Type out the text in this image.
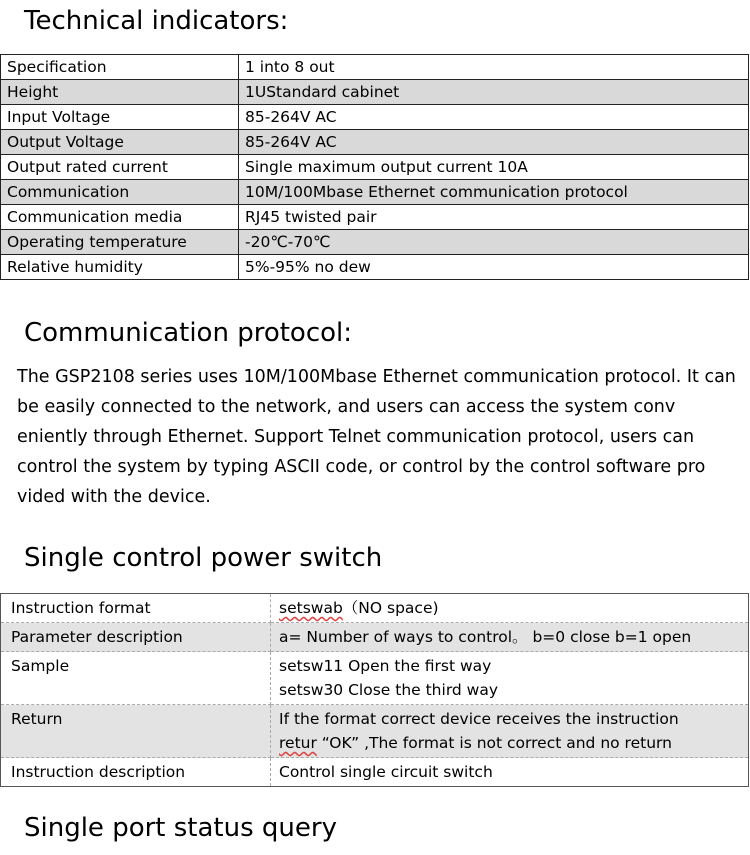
Technical indicators:
Specification	1 into 8 out
Height	1UStandard cabinet
Input Voltage	85-264V AC
Output Voltage	85-264V AC
Output rated current	Single maximum output current 10A
Communication	10M/100Mbase Ethernet communication protocol
Communication media	RJ45 twisted pair
Operating temperature	-20℃-70℃
Relative humidity	5%-95% no dew
Communication protocol:

The GSP2108 series uses 10M/100Mbase Ethernet communication protocol. It can be easily connected to the network, and users can access the system conv eniently through Ethernet. Support Telnet communication protocol, users can control the system by typing ASCII code, or control by the control software pro vided with the device.

Single control power switch
Instruction format	setswab（NO space)
Parameter description	a= Number of ways to control。 b=0 close b=1 open
Sample	setsw11 Open the first way
setsw30 Close the third way

Return	If the format correct device receives the instruction
retur “OK” ,The format is not correct and no return

Instruction description	Control single circuit switch
Single port status query
